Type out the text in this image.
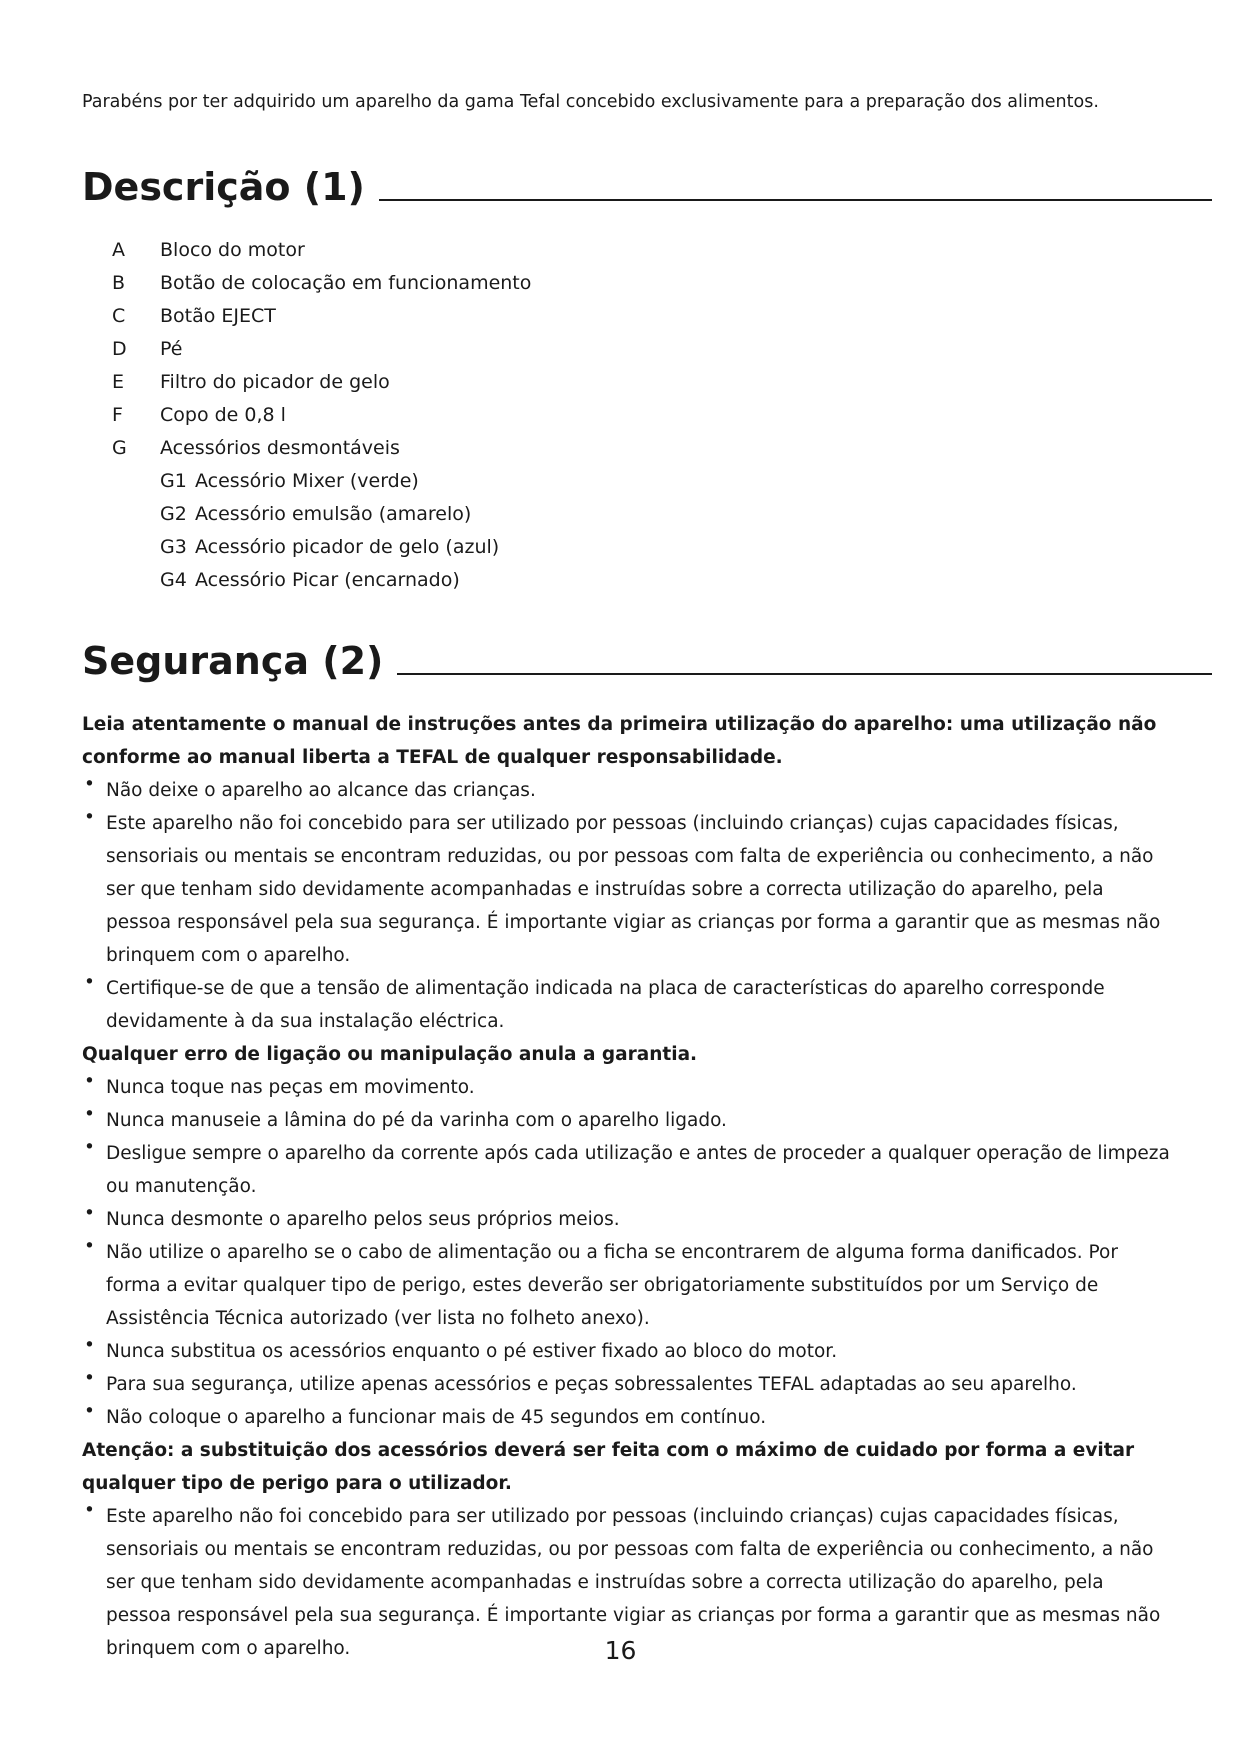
Parabéns por ter adquirido um aparelho da gama Tefal concebido exclusivamente para a preparação dos alimentos.
Descrição (1)
A	Bloco do motor
B	Botão de colocação em funcionamento
C	Botão EJECT
D	Pé
E	Filtro do picador de gelo
F	Copo de 0,8 l
G	Acessórios desmontáveis
G1 Acessório Mixer (verde)
G2 Acessório emulsão (amarelo)
G3 Acessório picador de gelo (azul)
G4 Acessório Picar (encarnado)
Segurança (2)
Leia atentamente o manual de instruções antes da primeira utilização do aparelho: uma utilização não conforme ao manual liberta a TEFAL de qualquer responsabilidade.
• Não deixe o aparelho ao alcance das crianças.
• Este aparelho não foi concebido para ser utilizado por pessoas (incluindo crianças) cujas capacidades físicas, sensoriais ou mentais se encontram reduzidas, ou por pessoas com falta de experiência ou conhecimento, a não ser que tenham sido devidamente acompanhadas e instruídas sobre a correcta utilização do aparelho, pela pessoa responsável pela sua segurança. É importante vigiar as crianças por forma a garantir que as mesmas não brinquem com o aparelho.
• Certifique-se de que a tensão de alimentação indicada na placa de características do aparelho corresponde devidamente à da sua instalação eléctrica.
Qualquer erro de ligação ou manipulação anula a garantia.
• Nunca toque nas peças em movimento.
• Nunca manuseie a lâmina do pé da varinha com o aparelho ligado.
• Desligue sempre o aparelho da corrente após cada utilização e antes de proceder a qualquer operação de limpeza ou manutenção.
• Nunca desmonte o aparelho pelos seus próprios meios.
• Não utilize o aparelho se o cabo de alimentação ou a ficha se encontrarem de alguma forma danificados. Por forma a evitar qualquer tipo de perigo, estes deverão ser obrigatoriamente substituídos por um Serviço de Assistência Técnica autorizado (ver lista no folheto anexo).
• Nunca substitua os acessórios enquanto o pé estiver fixado ao bloco do motor.
• Para sua segurança, utilize apenas acessórios e peças sobressalentes TEFAL adaptadas ao seu aparelho.
• Não coloque o aparelho a funcionar mais de 45 segundos em contínuo.
Atenção: a substituição dos acessórios deverá ser feita com o máximo de cuidado por forma a evitar qualquer tipo de perigo para o utilizador.
• Este aparelho não foi concebido para ser utilizado por pessoas (incluindo crianças) cujas capacidades físicas, sensoriais ou mentais se encontram reduzidas, ou por pessoas com falta de experiência ou conhecimento, a não ser que tenham sido devidamente acompanhadas e instruídas sobre a correcta utilização do aparelho, pela pessoa responsável pela sua segurança. É importante vigiar as crianças por forma a garantir que as mesmas não brinquem com o aparelho.	16
